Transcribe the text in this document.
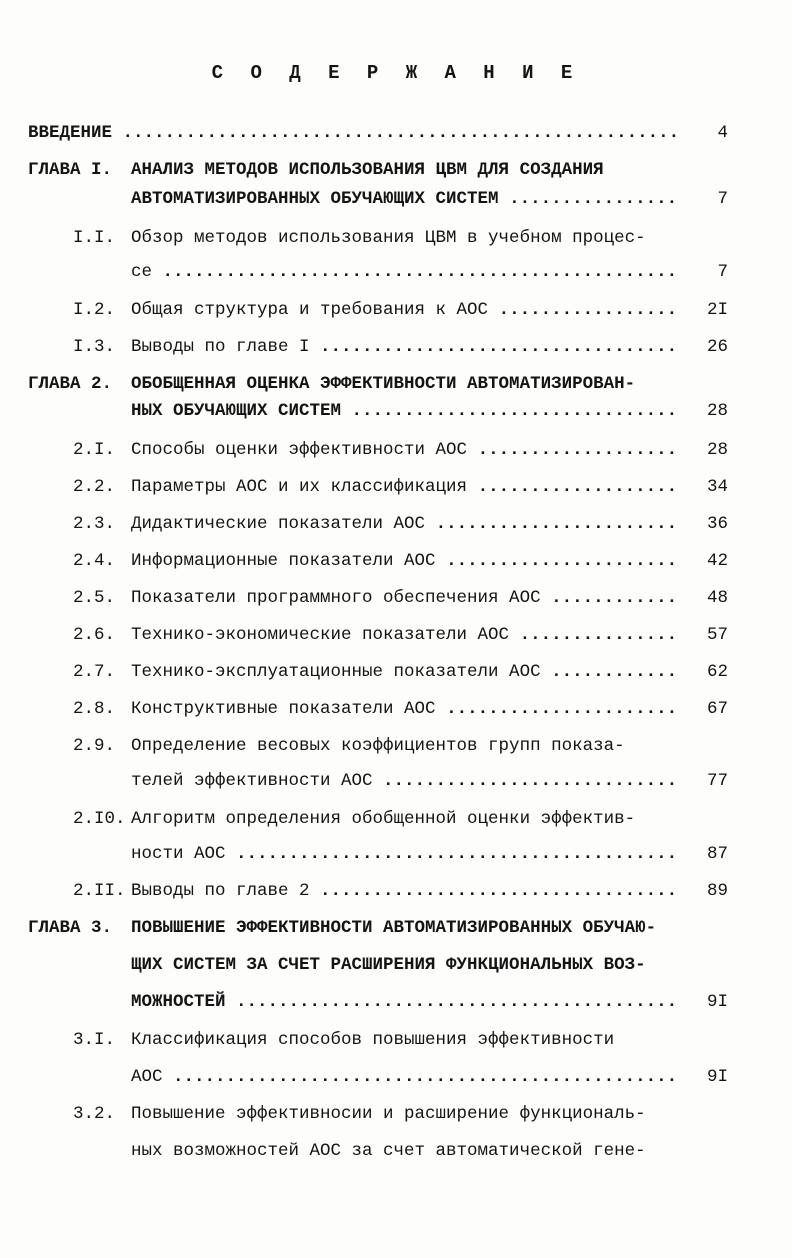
С О Д Е Р Ж А Н И Е
ВВЕДЕНИЕ .....	4
ГЛАВА I. АНАЛИЗ МЕТОДОВ ИСПОЛЬЗОВАНИЯ ЦВМ ДЛЯ СОЗДАНИЯ
АВТОМАТИЗИРОВАННЫХ ОБУЧАЮЩИХ СИСТЕМ .....	7
I.I. Обзор методов использования ЦВМ в учебном процес-
се .....	7
I.2. Общая структура и требования к АОС .....	2I
I.3. Выводы по главе I .....	26
ГЛАВА 2. ОБОБЩЕННАЯ ОЦЕНКА ЭФФЕКТИВНОСТИ АВТОМАТИЗИРОВАН-
НЫХ ОБУЧАЮЩИХ СИСТЕМ .....	28
2.I. Способы оценки эффективности АОС .....	28
2.2. Параметры АОС и их классификация .....	34
2.3. Дидактические показатели АОС .....	36
2.4. Информационные показатели АОС .....	42
2.5. Показатели программного обеспечения АОС .....	48
2.6. Технико-экономические показатели АОС .....	57
2.7. Технико-эксплуатационные показатели АОС .....	62
2.8. Конструктивные показатели АОС .....	67
2.9. Определение весовых коэффициентов групп показа-
телей эффективности АОС .....	77
2.I0. Алгоритм определения обобщенной оценки эффектив-
ности АОС .....	87
2.II. Выводы по главе 2 .....	89
ГЛАВА 3. ПОВЫШЕНИЕ ЭФФЕКТИВНОСТИ АВТОМАТИЗИРОВАННЫХ ОБУЧАЮ-
ЩИХ СИСТЕМ ЗА СЧЕТ РАСШИРЕНИЯ ФУНКЦИОНАЛЬНЫХ ВОЗ-
МОЖНОСТЕЙ .....	9I
3.I. Классификация способов повышения эффективности
АОС .....	9I
3.2. Повышение эффективносии и расширение функциональ-
ных возможностей АОС за счет автоматической гене-
